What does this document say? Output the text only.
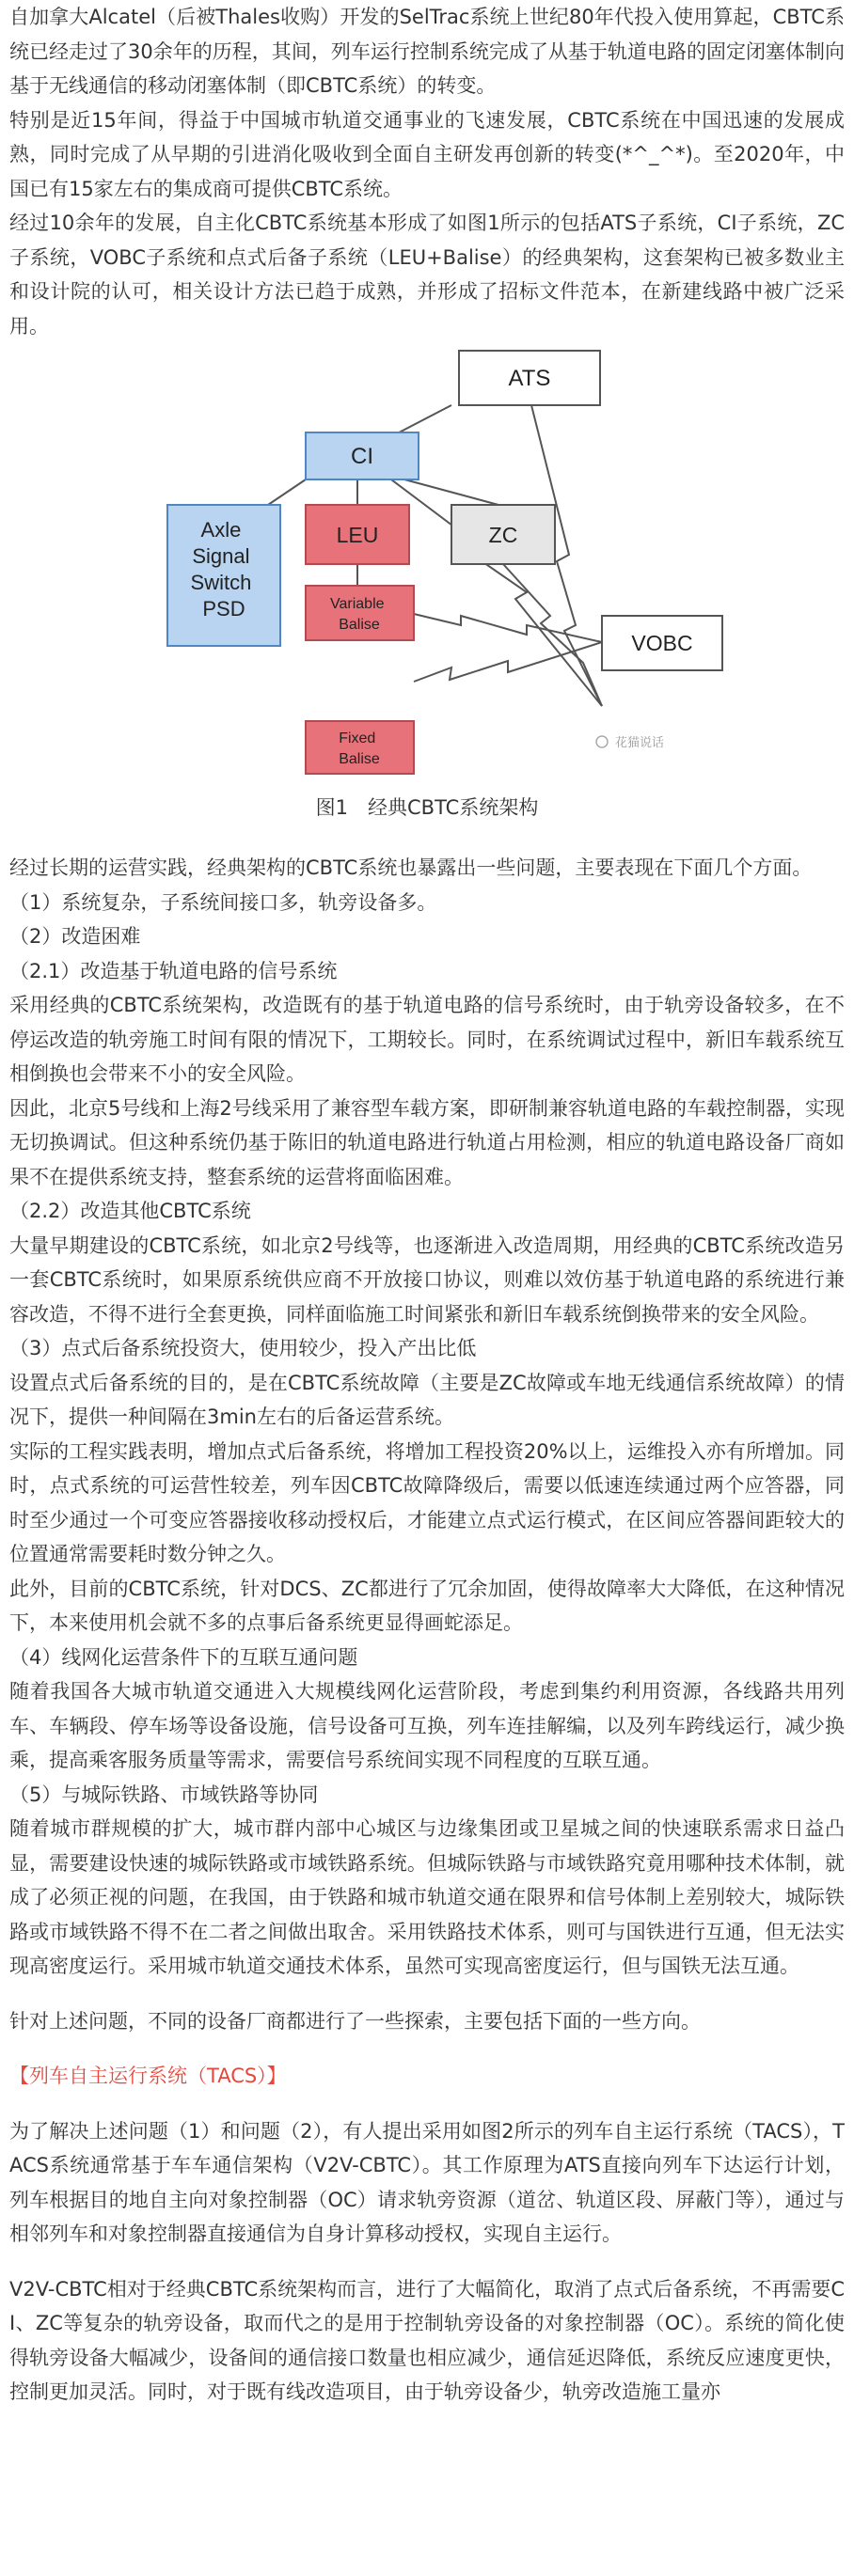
自加拿大Alcatel（后被Thales收购）开发的SelTrac系统上世纪80年代投入使用算起，CBTC系统已经走过了30余年的历程，其间，列车运行控制系统完成了从基于轨道电路的固定闭塞体制向基于无线通信的移动闭塞体制（即CBTC系统）的转变。

特别是近15年间，得益于中国城市轨道交通事业的飞速发展，CBTC系统在中国迅速的发展成熟，同时完成了从早期的引进消化吸收到全面自主研发再创新的转变(*^_^*)。至2020年，中国已有15家左右的集成商可提供CBTC系统。

经过10余年的发展，自主化CBTC系统基本形成了如图1所示的包括ATS子系统，CI子系统，ZC子系统，VOBC子系统和点式后备子系统（LEU+Balise）的经典架构，这套架构已被多数业主和设计院的认可，相关设计方法已趋于成熟，并形成了招标文件范本，在新建线路中被广泛采用。

ATS
CI
Axle Signal Switch PSD
LEU	ZC
Variable Balise
VOBC
Fixed Balise
花猫说话
图1　经典CBTC系统架构

经过长期的运营实践，经典架构的CBTC系统也暴露出一些问题，主要表现在下面几个方面。

（1）系统复杂，子系统间接口多，轨旁设备多。

（2）改造困难

（2.1）改造基于轨道电路的信号系统

采用经典的CBTC系统架构，改造既有的基于轨道电路的信号系统时，由于轨旁设备较多，在不停运改造的轨旁施工时间有限的情况下，工期较长。同时，在系统调试过程中，新旧车载系统互相倒换也会带来不小的安全风险。

因此，北京5号线和上海2号线采用了兼容型车载方案，即研制兼容轨道电路的车载控制器，实现无切换调试。但这种系统仍基于陈旧的轨道电路进行轨道占用检测，相应的轨道电路设备厂商如果不在提供系统支持，整套系统的运营将面临困难。

（2.2）改造其他CBTC系统

大量早期建设的CBTC系统，如北京2号线等，也逐渐进入改造周期，用经典的CBTC系统改造另一套CBTC系统时，如果原系统供应商不开放接口协议，则难以效仿基于轨道电路的系统进行兼容改造，不得不进行全套更换，同样面临施工时间紧张和新旧车载系统倒换带来的安全风险。

（3）点式后备系统投资大，使用较少，投入产出比低

设置点式后备系统的目的，是在CBTC系统故障（主要是ZC故障或车地无线通信系统故障）的情况下，提供一种间隔在3min左右的后备运营系统。

实际的工程实践表明，增加点式后备系统，将增加工程投资20%以上，运维投入亦有所增加。同时，点式系统的可运营性较差，列车因CBTC故障降级后，需要以低速连续通过两个应答器，同时至少通过一个可变应答器接收移动授权后，才能建立点式运行模式，在区间应答器间距较大的位置通常需要耗时数分钟之久。

此外，目前的CBTC系统，针对DCS、ZC都进行了冗余加固，使得故障率大大降低，在这种情况下，本来使用机会就不多的点事后备系统更显得画蛇添足。

（4）线网化运营条件下的互联互通问题

随着我国各大城市轨道交通进入大规模线网化运营阶段，考虑到集约利用资源，各线路共用列车、车辆段、停车场等设备设施，信号设备可互换，列车连挂解编，以及列车跨线运行，减少换乘，提高乘客服务质量等需求，需要信号系统间实现不同程度的互联互通。

（5）与城际铁路、市域铁路等协同

随着城市群规模的扩大，城市群内部中心城区与边缘集团或卫星城之间的快速联系需求日益凸显，需要建设快速的城际铁路或市域铁路系统。但城际铁路与市域铁路究竟用哪种技术体制，就成了必须正视的问题，在我国，由于铁路和城市轨道交通在限界和信号体制上差别较大，城际铁路或市域铁路不得不在二者之间做出取舍。采用铁路技术体系，则可与国铁进行互通，但无法实现高密度运行。采用城市轨道交通技术体系，虽然可实现高密度运行，但与国铁无法互通。

针对上述问题，不同的设备厂商都进行了一些探索，主要包括下面的一些方向。

【列车自主运行系统（TACS）】

为了解决上述问题（1）和问题（2），有人提出采用如图2所示的列车自主运行系统（TACS），TACS系统通常基于车车通信架构（V2V-CBTC）。其工作原理为ATS直接向列车下达运行计划，列车根据目的地自主向对象控制器（OC）请求轨旁资源（道岔、轨道区段、屏蔽门等），通过与相邻列车和对象控制器直接通信为自身计算移动授权，实现自主运行。

V2V-CBTC相对于经典CBTC系统架构而言，进行了大幅简化，取消了点式后备系统，不再需要CI、ZC等复杂的轨旁设备，取而代之的是用于控制轨旁设备的对象控制器（OC）。系统的简化使得轨旁设备大幅减少，设备间的通信接口数量也相应减少，通信延迟降低，系统反应速度更快，控制更加灵活。同时，对于既有线改造项目，由于轨旁设备少，轨旁改造施工量亦
